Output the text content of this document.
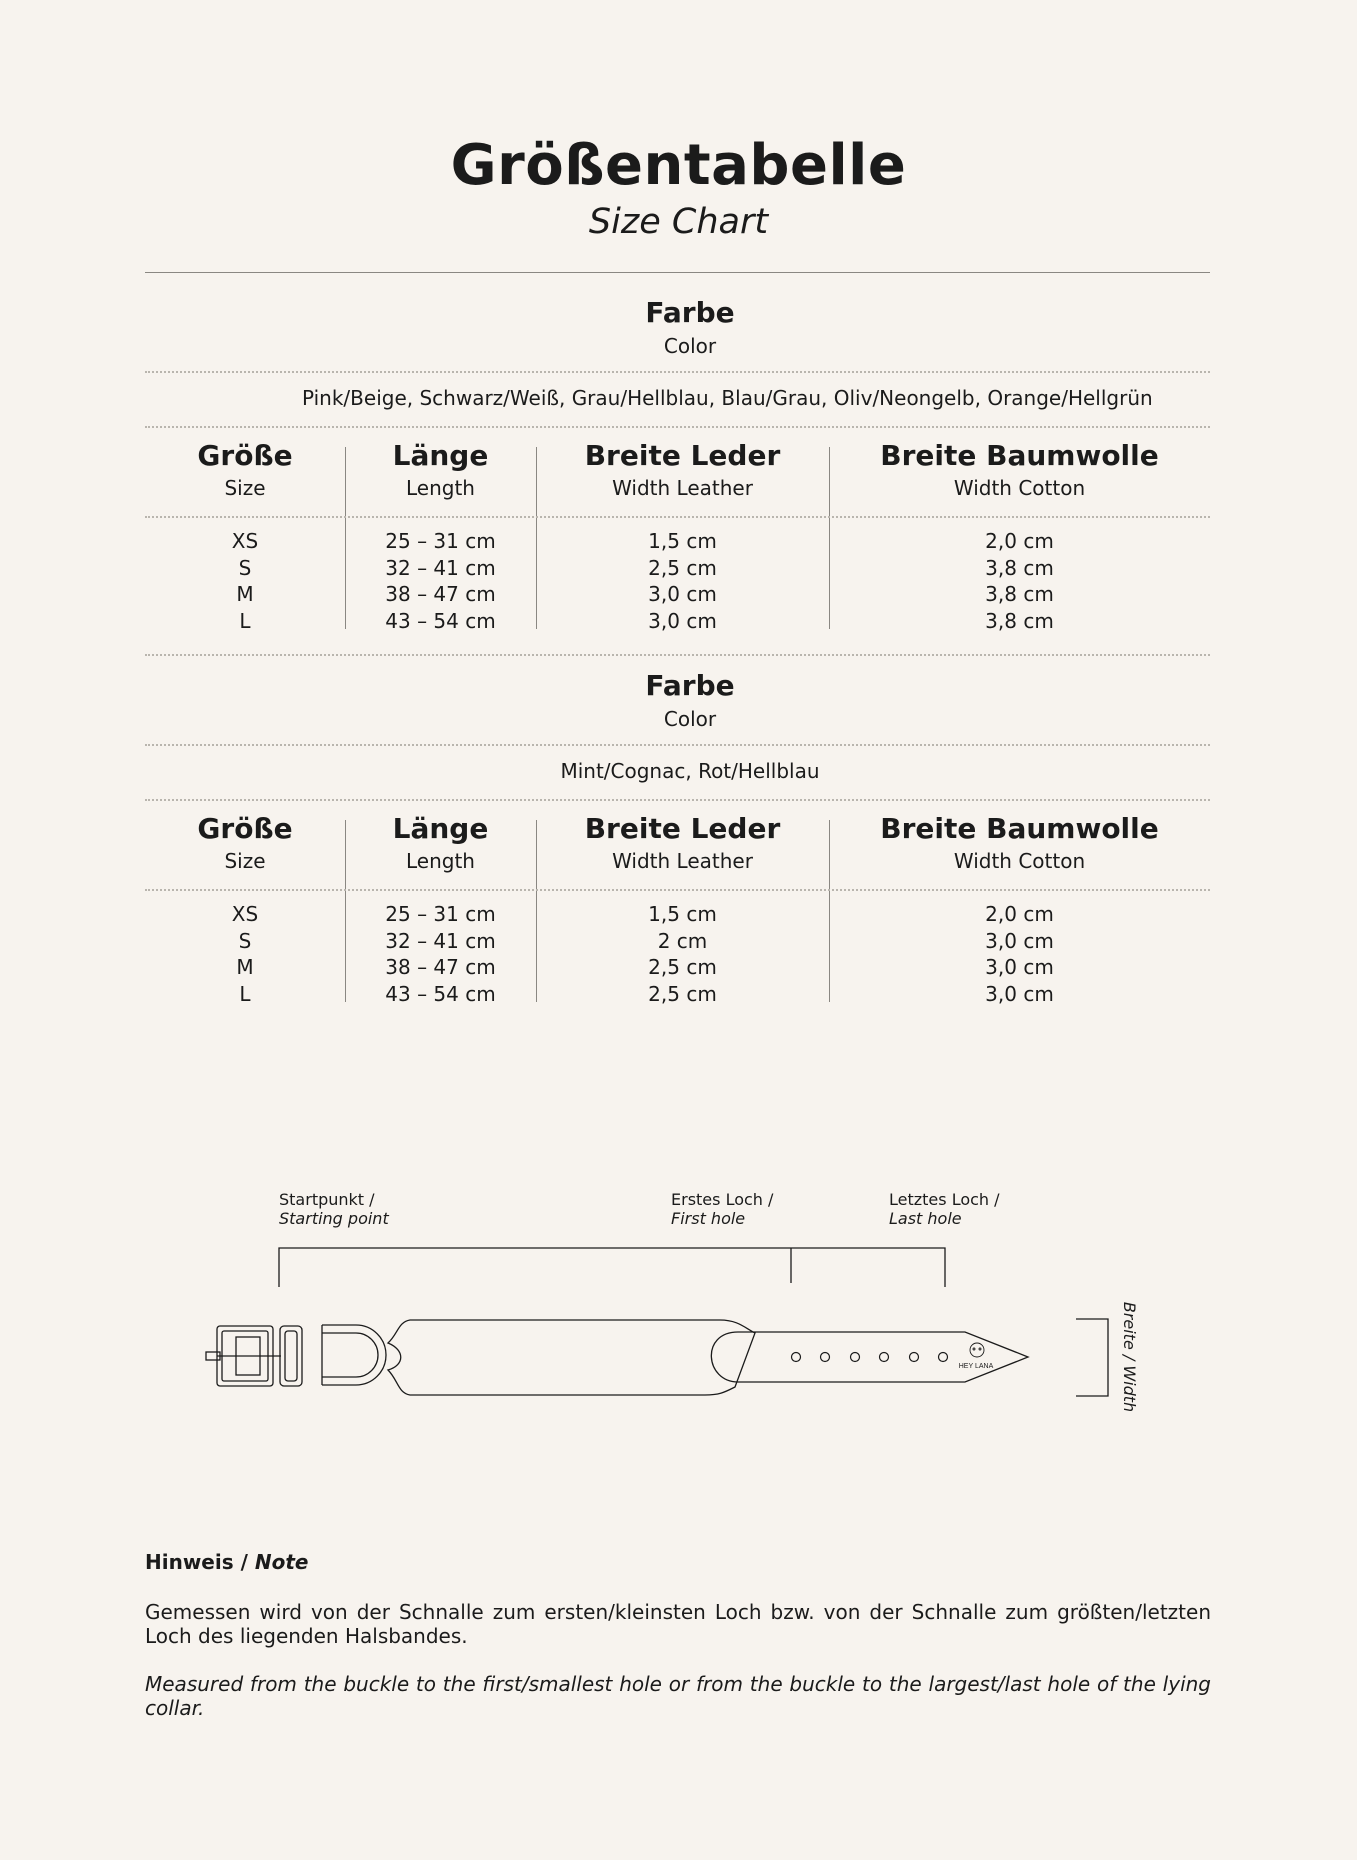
Größentabelle
Size Chart
Farbe
Color
Pink/Beige, Schwarz/Weiß, Grau/Hellblau, Blau/Grau, Oliv/Neongelb, Orange/Hellgrün
Größe
Size
Länge
Length
Breite Leder
Width Leather
Breite Baumwolle
Width Cotton
XS
S
M
L
25 – 31 cm
32 – 41 cm
38 – 47 cm
43 – 54 cm
1,5 cm
2,5 cm
3,0 cm
3,0 cm
2,0 cm
3,8 cm
3,8 cm
3,8 cm
Farbe
Color
Mint/Cognac, Rot/Hellblau
Größe
Size
Länge
Length
Breite Leder
Width Leather
Breite Baumwolle
Width Cotton
XS
S
M
L
25 – 31 cm
32 – 41 cm
38 – 47 cm
43 – 54 cm
1,5 cm
2 cm
2,5 cm
2,5 cm
2,0 cm
3,0 cm
3,0 cm
3,0 cm
Startpunkt /
Starting point
Erstes Loch /
First hole
Letztes Loch /
Last hole
HEY LANA	Breite / Width
Hinweis / Note
Gemessen wird von der Schnalle zum ersten/kleinsten Loch bzw. von der Schnalle zum größten/letzten Loch des liegenden Halsbandes.
Measured from the buckle to the first/smallest hole or from the buckle to the largest/last hole of the lying collar.
